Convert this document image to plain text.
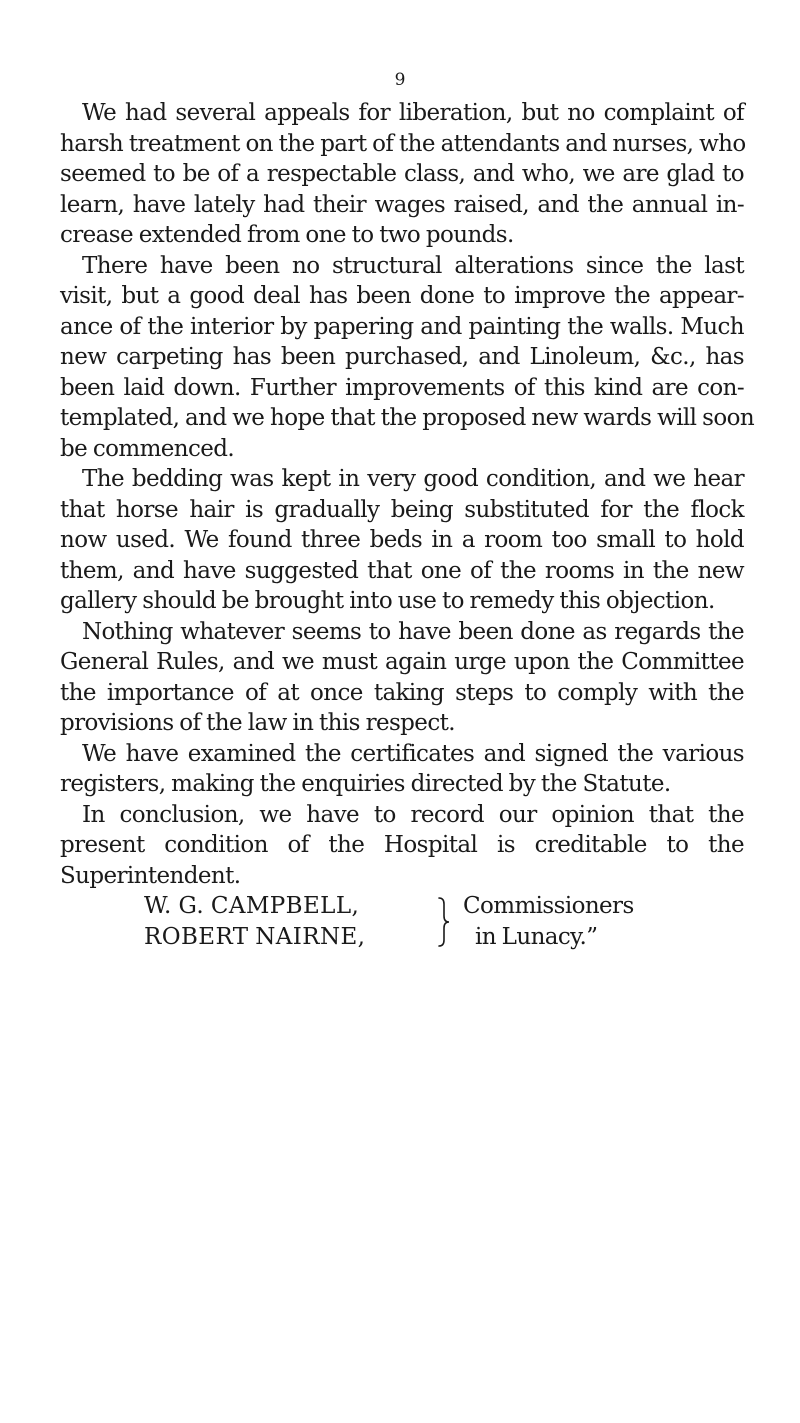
9
We had several appeals for liberation, but no complaint of
harsh treatment on the part of the attendants and nurses, who
seemed to be of a respectable class, and who, we are glad to
learn, have lately had their wages raised, and the annual in-
crease extended from one to two pounds.
There have been no structural alterations since the last
visit, but a good deal has been done to improve the appear-
ance of the interior by papering and painting the walls. Much
new carpeting has been purchased, and Linoleum, &c., has
been laid down. Further improvements of this kind are con-
templated, and we hope that the proposed new wards will soon
be commenced.
The bedding was kept in very good condition, and we hear
that horse hair is gradually being substituted for the flock
now used. We found three beds in a room too small to hold
them, and have suggested that one of the rooms in the new
gallery should be brought into use to remedy this objection.
Nothing whatever seems to have been done as regards the
General Rules, and we must again urge upon the Committee
the importance of at once taking steps to comply with the
provisions of the law in this respect.
We have examined the certificates and signed the various
registers, making the enquiries directed by the Statute.
In conclusion, we have to record our opinion that the
present condition of the Hospital is creditable to the
Superintendent.
W. G. CAMPBELL,
ROBERT NAIRNE,
Commissioners
in Lunacy.”
